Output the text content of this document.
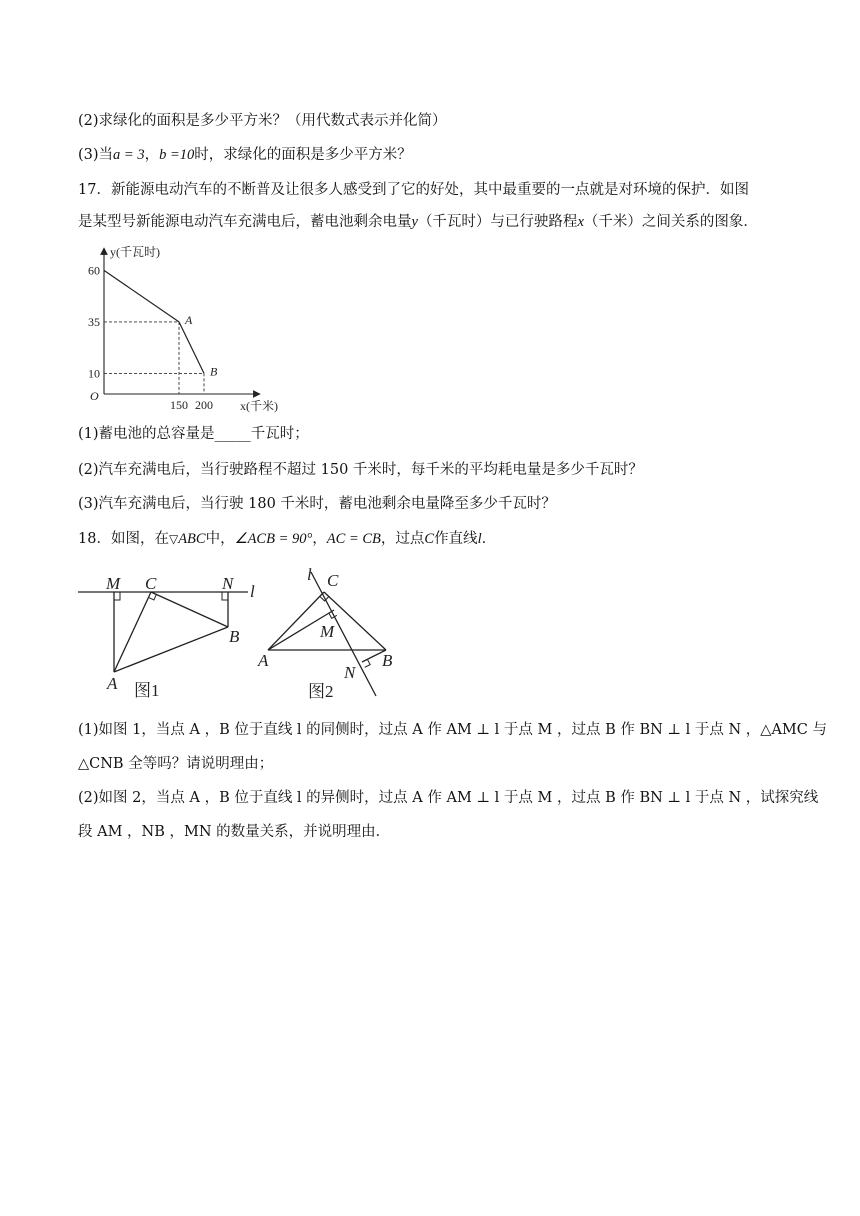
(2)求绿化的面积是多少平方米？（用代数式表示并化简）
(3)当a = 3，b =10时，求绿化的面积是多少平方米？
17．新能源电动汽车的不断普及让很多人感受到了它的好处，其中最重要的一点就是对环境的保护．如图
是某型号新能源电动汽车充满电后，蓄电池剩余电量y（千瓦时）与已行驶路程x（千米）之间关系的图象．
y(千瓦时)
x(千米)
O
A
B
60
35
10
150 200
(1)蓄电池的总容量是_____千瓦时；
(2)汽车充满电后，当行驶路程不超过 150 千米时，每千米的平均耗电量是多少千瓦时？
(3)汽车充满电后，当行驶 180 千米时，蓄电池剩余电量降至多少千瓦时？
18．如图，在▽ABC中，∠ACB = 90°，AC = CB，过点C作直线l．
M C	N l
A
B
图1
l C
M
A	B
N
图2
(1)如图 1，当点 A ，B 位于直线 l 的同侧时，过点 A 作 AM ⊥ l 于点 M ，过点 B 作 BN ⊥ l 于点 N ，△AMC 与
△CNB 全等吗？请说明理由；
(2)如图 2，当点 A ，B 位于直线 l 的异侧时，过点 A 作 AM ⊥ l 于点 M ，过点 B 作 BN ⊥ l 于点 N ，试探究线
段 AM ，NB ，MN 的数量关系，并说明理由．
